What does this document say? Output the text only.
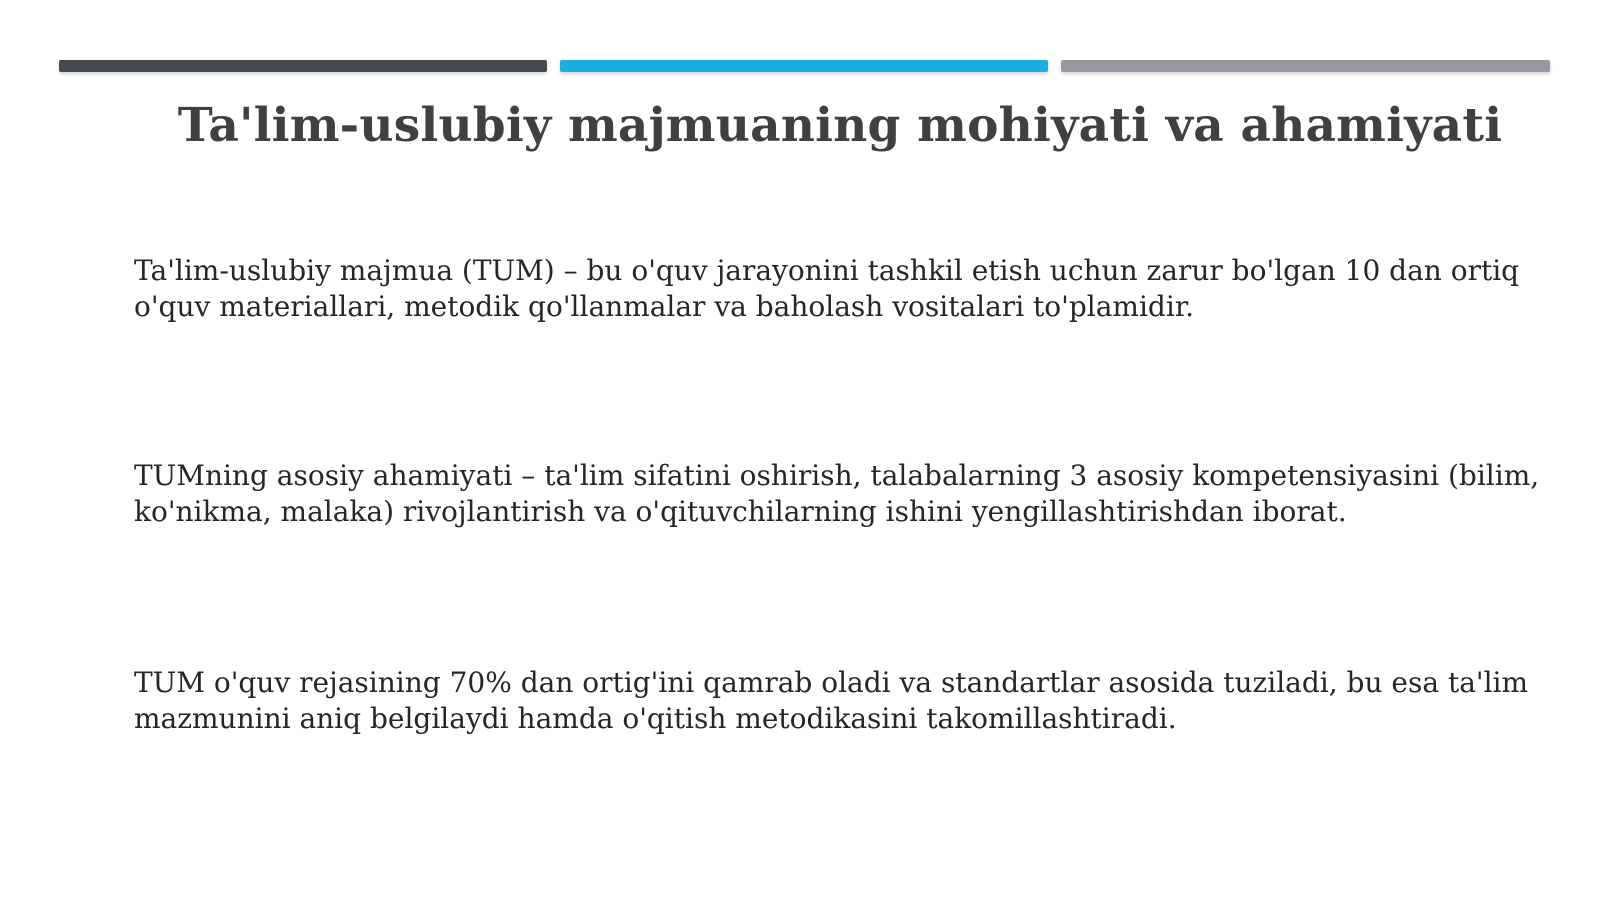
Ta'lim-uslubiy majmuaning mohiyati va ahamiyati

Ta'lim-uslubiy majmua (TUM) – bu o'quv jarayonini tashkil etish uchun zarur bo'lgan 10 dan ortiq o'quv materiallari, metodik qo'llanmalar va baholash vositalari to'plamidir.

TUMning asosiy ahamiyati – ta'lim sifatini oshirish, talabalarning 3 asosiy kompetensiyasini (bilim, ko'nikma, malaka) rivojlantirish va o'qituvchilarning ishini yengillashtirishdan iborat.

TUM o'quv rejasining 70% dan ortig'ini qamrab oladi va standartlar asosida tuziladi, bu esa ta'lim mazmunini aniq belgilaydi hamda o'qitish metodikasini takomillashtiradi.
